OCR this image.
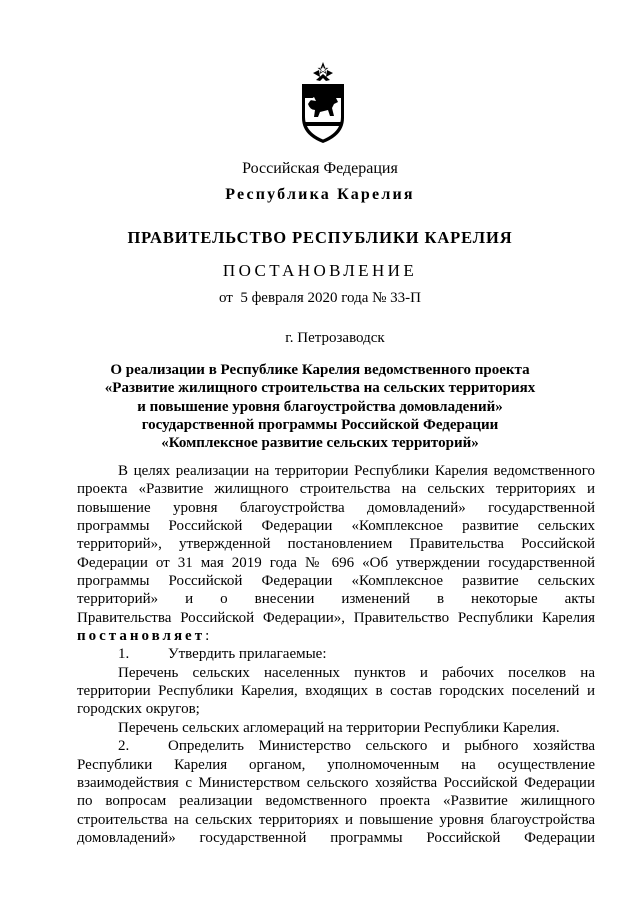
Российская Федерация
Республика Карелия
ПРАВИТЕЛЬСТВО РЕСПУБЛИКИ КАРЕЛИЯ
ПОСТАНОВЛЕНИЕ
от  5 февраля 2020 года № 33-П
г. Петрозаводск
О реализации в Республике Карелия ведомственного проекта
«Развитие жилищного строительства на сельских территориях
и повышение уровня благоустройства домовладений»
государственной программы Российской Федерации
«Комплексное развитие сельских территорий»
В целях реализации на территории Республики Карелия ведомственного
проекта «Развитие жилищного строительства на сельских территориях и
повышение уровня благоустройства домовладений» государственной
программы Российской Федерации «Комплексное развитие сельских
территорий», утвержденной постановлением Правительства Российской
Федерации от 31 мая 2019 года № 696 «Об утверждении государственной
программы Российской Федерации «Комплексное развитие сельских
территорий» и о внесении изменений в некоторые акты
Правительства Российской Федерации», Правительство Республики Карелия
постановляет:
1.	Утвердить прилагаемые:
Перечень сельских населенных пунктов и рабочих поселков на
территории Республики Карелия, входящих в состав городских поселений и
городских округов;
Перечень сельских агломераций на территории Республики Карелия.
2.	Определить Министерство сельского и рыбного хозяйства
Республики Карелия органом, уполномоченным на осуществление
взаимодействия с Министерством сельского хозяйства Российской Федерации
по вопросам реализации ведомственного проекта «Развитие жилищного
строительства на сельских территориях и повышение уровня благоустройства
домовладений» государственной программы Российской Федерации
